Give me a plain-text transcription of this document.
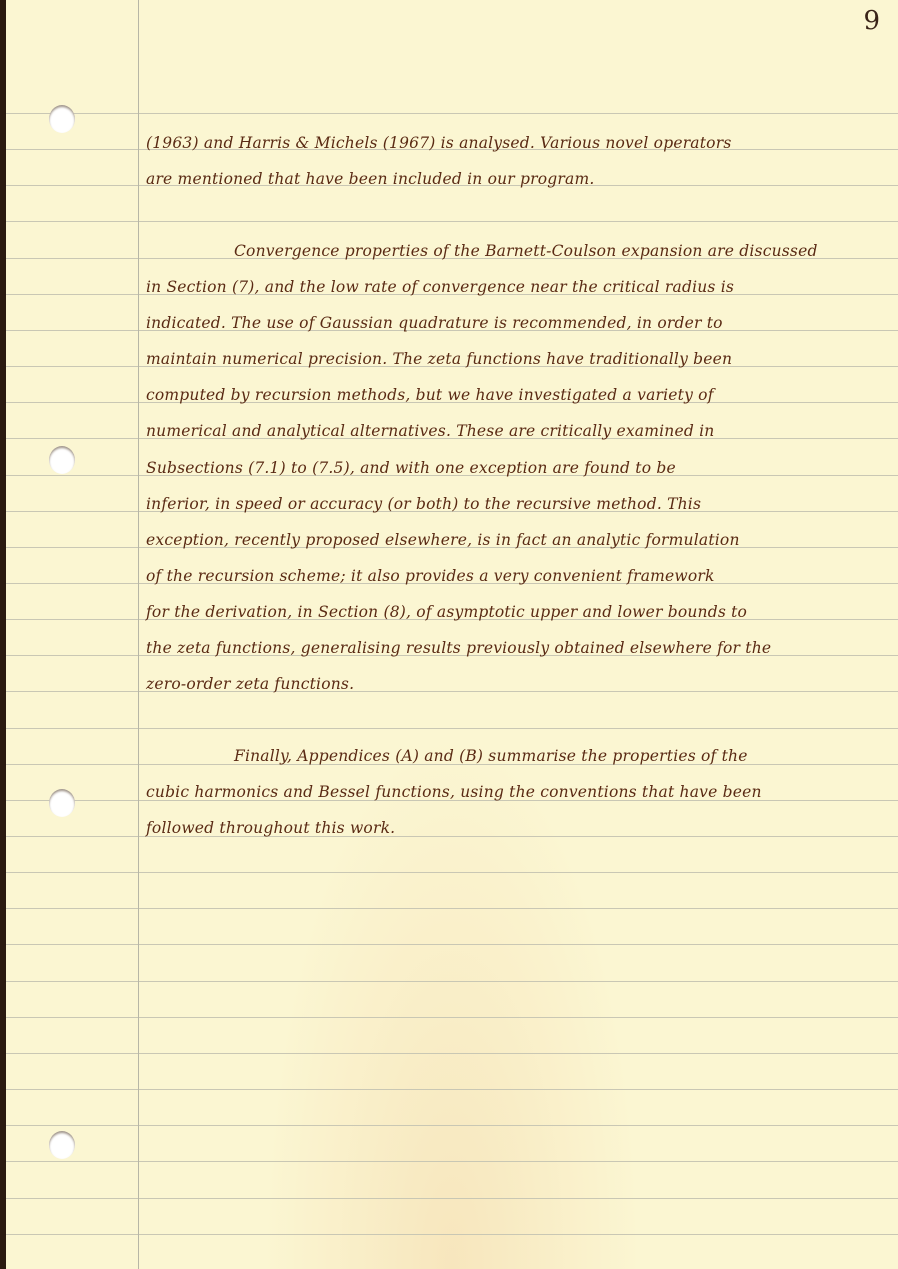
9
(1963) and Harris & Michels (1967) is analysed. Various novel operators
are mentioned that have been included in our program.
Convergence properties of the Barnett-Coulson expansion are discussed
in Section (7), and the low rate of convergence near the critical radius is
indicated. The use of Gaussian quadrature is recommended, in order to
maintain numerical precision. The zeta functions have traditionally been
computed by recursion methods, but we have investigated a variety of
numerical and analytical alternatives. These are critically examined in
Subsections (7.1) to (7.5), and with one exception are found to be
inferior, in speed or accuracy (or both) to the recursive method. This
exception, recently proposed elsewhere, is in fact an analytic formulation
of the recursion scheme; it also provides a very convenient framework
for the derivation, in Section (8), of asymptotic upper and lower bounds to
the zeta functions, generalising results previously obtained elsewhere for the
zero-order zeta functions.
Finally, Appendices (A) and (B) summarise the properties of the
cubic harmonics and Bessel functions, using the conventions that have been
followed throughout this work.
